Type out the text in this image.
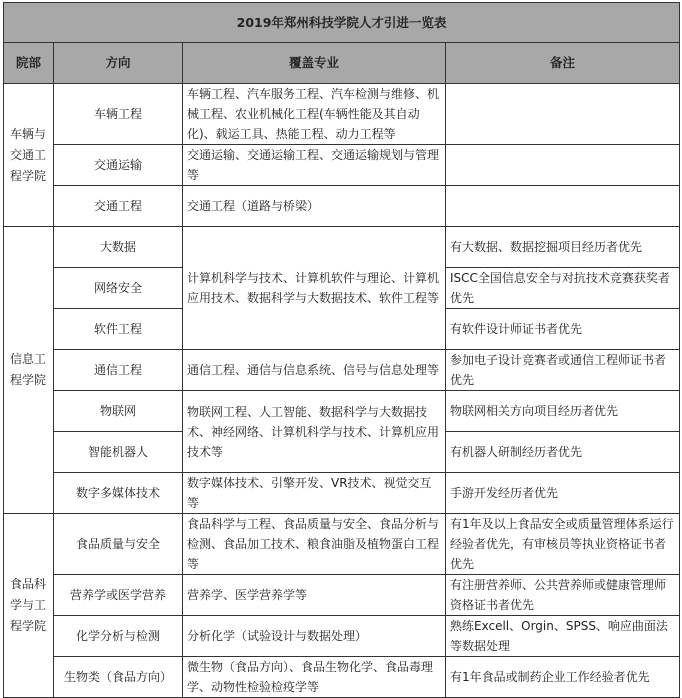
2019年郑州科技学院人才引进一览表			
院部	方向	覆盖专业	备注
车辆与交通工程学院	车辆工程	车辆工程、汽车服务工程、汽车检测与维修、机械工程、农业机械化工程(车辆性能及其自动化)、载运工具、热能工程、动力工程等	
	交通运输	交通运输、交通运输工程、交通运输规划与管理等	
	交通工程	交通工程（道路与桥梁）	
信息工程学院	大数据	计算机科学与技术、计算机软件与理论、计算机应用技术、数据科学与大数据技术、软件工程等	有大数据、数据挖掘项目经历者优先
	网络安全		ISCC全国信息安全与对抗技术竞赛获奖者优先
	软件工程		有软件设计师证书者优先
	通信工程	通信工程、通信与信息系统、信号与信息处理等	参加电子设计竞赛者或通信工程师证书者优先
	物联网	物联网工程、人工智能、数据科学与大数据技术、神经网络、计算机科学与技术、计算机应用技术等	物联网相关方向项目经历者优先
	智能机器人		有机器人研制经历者优先
	数字多媒体技术	数字媒体技术、引擎开发、VR技术、视觉交互等	手游开发经历者优先
食品科学与工程学院	食品质量与安全	食品科学与工程、食品质量与安全、食品分析与检测、食品加工技术、粮食油脂及植物蛋白工程等	有1年及以上食品安全或质量管理体系运行经验者优先，有审核员等执业资格证书者优先
	营养学或医学营养	营养学、医学营养学等	有注册营养师、公共营养师或健康管理师资格证书者优先
	化学分析与检测	分析化学（试验设计与数据处理）	熟练Excell、Orgin、SPSS、响应曲面法等数据处理
	生物类（食品方向）	微生物（食品方向）、食品生物化学、食品毒理学、动物性检验检疫学等	有1年食品或制药企业工作经验者优先
